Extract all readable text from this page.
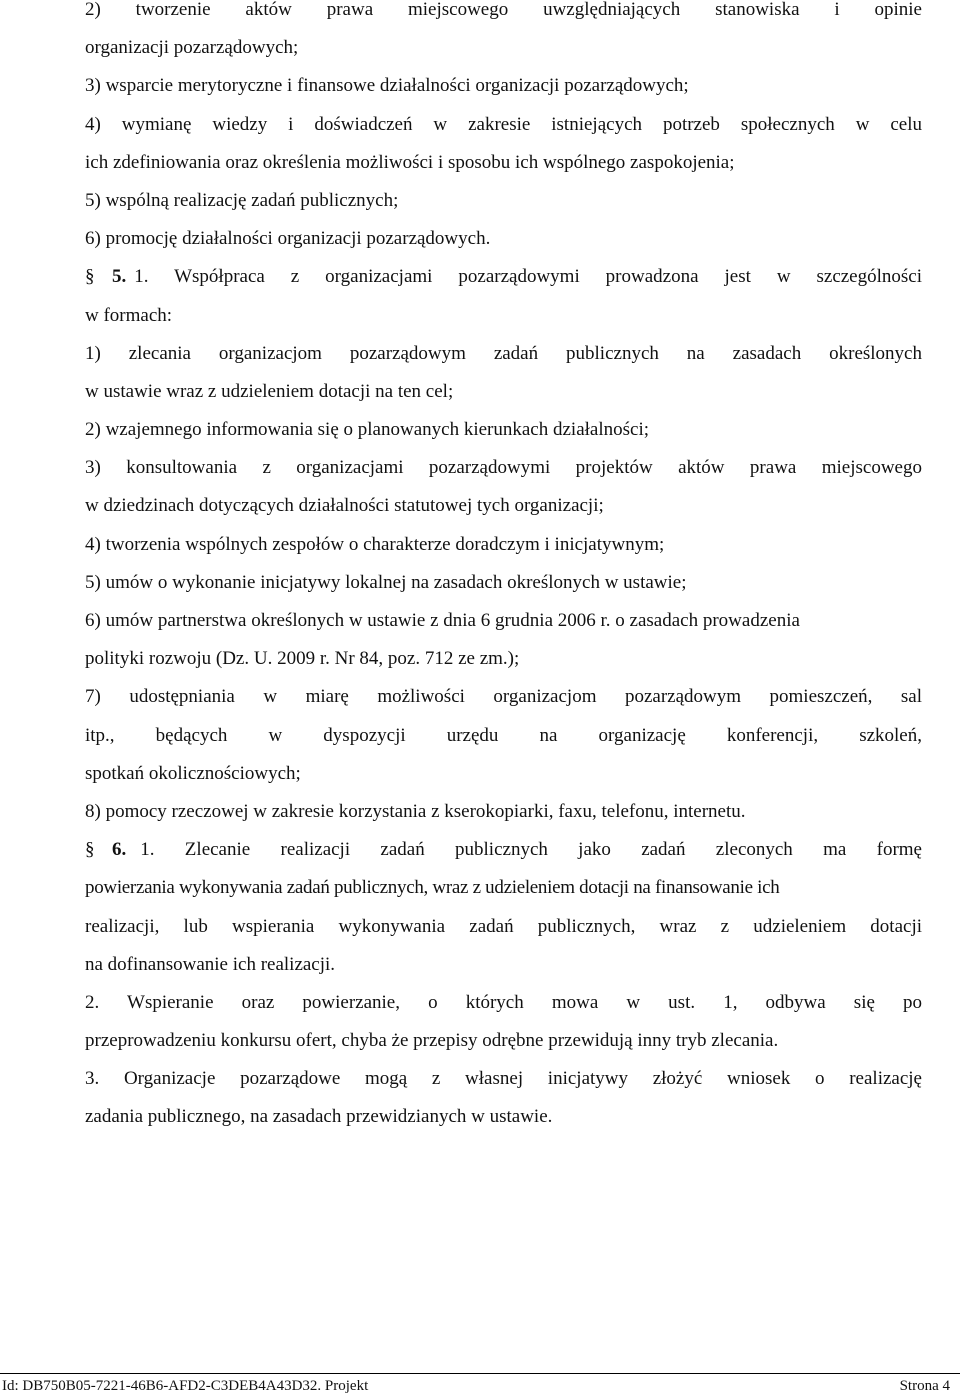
2) tworzenie aktów prawa miejscowego uwzględniających stanowiska i opinie
organizacji pozarządowych;
3) wsparcie merytoryczne i finansowe działalności organizacji pozarządowych;
4) wymianę wiedzy i doświadczeń w zakresie istniejących potrzeb społecznych w celu
ich zdefiniowania oraz określenia możliwości i sposobu ich wspólnego zaspokojenia;
5) wspólną realizację zadań publicznych;
6) promocję działalności organizacji pozarządowych.
§ 5. 1. Współpraca z organizacjami pozarządowymi prowadzona jest w szczególności
w formach:
1) zlecania organizacjom pozarządowym zadań publicznych na zasadach określonych
w ustawie wraz z udzieleniem dotacji na ten cel;
2) wzajemnego informowania się o planowanych kierunkach działalności;
3) konsultowania z organizacjami pozarządowymi projektów aktów prawa miejscowego
w dziedzinach dotyczących działalności statutowej tych organizacji;
4) tworzenia wspólnych zespołów o charakterze doradczym i inicjatywnym;
5) umów o wykonanie inicjatywy lokalnej na zasadach określonych w ustawie;
6) umów partnerstwa określonych w ustawie z dnia 6 grudnia 2006 r. o zasadach prowadzenia
polityki rozwoju (Dz. U. 2009 r. Nr 84, poz. 712 ze zm.);
7) udostępniania w miarę możliwości organizacjom pozarządowym pomieszczeń, sal
itp., będących w dyspozycji urzędu na organizację konferencji, szkoleń,
spotkań okolicznościowych;
8) pomocy rzeczowej w zakresie korzystania z kserokopiarki, faxu, telefonu, internetu.
§ 6. 1. Zlecanie realizacji zadań publicznych jako zadań zleconych ma formę
powierzania wykonywania zadań publicznych, wraz z udzieleniem dotacji na finansowanie ich
realizacji, lub wspierania wykonywania zadań publicznych, wraz z udzieleniem dotacji
na dofinansowanie ich realizacji.
2. Wspieranie oraz powierzanie, o których mowa w ust. 1, odbywa się po
przeprowadzeniu konkursu ofert, chyba że przepisy odrębne przewidują inny tryb zlecania.
3. Organizacje pozarządowe mogą z własnej inicjatywy złożyć wniosek o realizację
zadania publicznego, na zasadach przewidzianych w ustawie.
Id: DB750B05-7221-46B6-AFD2-C3DEB4A43D32. Projekt	Strona 4
